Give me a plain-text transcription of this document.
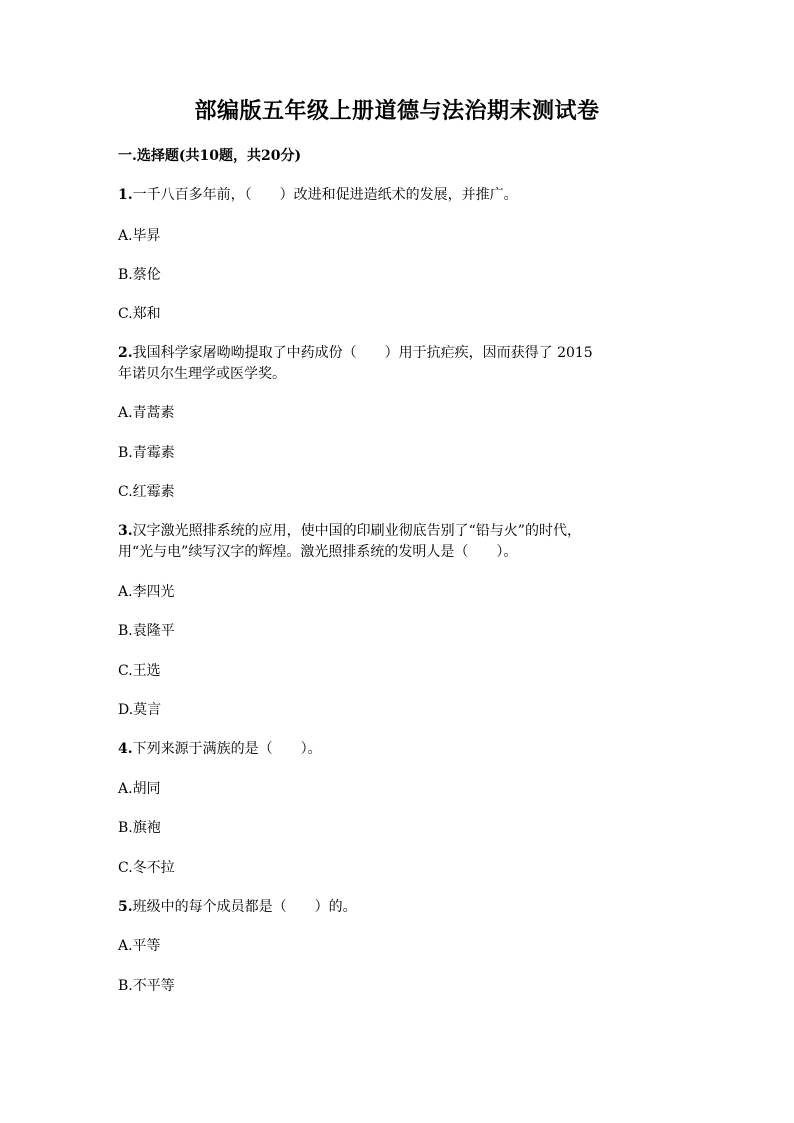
部编版五年级上册道德与法治期末测试卷
一.选择题(共10题，共20分)
1.一千八百多年前，（　　）改进和促进造纸术的发展，并推广。
A.毕昇
B.蔡伦
C.郑和
2.我国科学家屠呦呦提取了中药成份（　　）用于抗疟疾，因而获得了 2015
年诺贝尔生理学或医学奖。
A.青蒿素
B.青霉素
C.红霉素
3.汉字激光照排系统的应用，使中国的印刷业彻底告别了“铅与火”的时代，
用“光与电”续写汉字的辉煌。激光照排系统的发明人是（　　）。
A.李四光
B.袁隆平
C.王选
D.莫言
4.下列来源于满族的是（　　）。
A.胡同
B.旗袍
C.冬不拉
5.班级中的每个成员都是（　　）的。
A.平等
B.不平等
